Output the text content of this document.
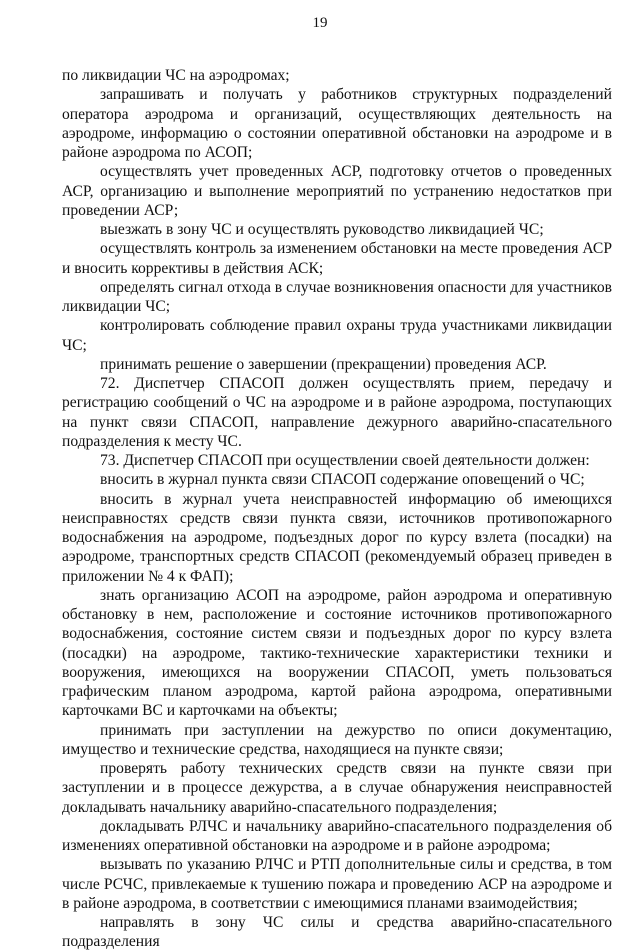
19

по ликвидации ЧС на аэродромах;

запрашивать и получать у работников структурных подразделений оператора аэродрома и организаций, осуществляющих деятельность на аэродроме, информацию о состоянии оперативной обстановки на аэродроме и в районе аэродрома по АСОП;

осуществлять учет проведенных АСР, подготовку отчетов о проведенных АСР, организацию и выполнение мероприятий по устранению недостатков при проведении АСР;

выезжать в зону ЧС и осуществлять руководство ликвидацией ЧС;

осуществлять контроль за изменением обстановки на месте проведения АСР и вносить коррективы в действия АСК;

определять сигнал отхода в случае возникновения опасности для участников ликвидации ЧС;

контролировать соблюдение правил охраны труда участниками ликвидации ЧС;

принимать решение о завершении (прекращении) проведения АСР.

72. Диспетчер СПАСОП должен осуществлять прием, передачу и регистрацию сообщений о ЧС на аэродроме и в районе аэродрома, поступающих на пункт связи СПАСОП, направление дежурного аварийно-спасательного подразделения к месту ЧС.

73. Диспетчер СПАСОП при осуществлении своей деятельности должен:

вносить в журнал пункта связи СПАСОП содержание оповещений о ЧС;

вносить в журнал учета неисправностей информацию об имеющихся неисправностях средств связи пункта связи, источников противопожарного водоснабжения на аэродроме, подъездных дорог по курсу взлета (посадки) на аэродроме, транспортных средств СПАСОП (рекомендуемый образец приведен в приложении № 4 к ФАП);

знать организацию АСОП на аэродроме, район аэродрома и оперативную обстановку в нем, расположение и состояние источников противопожарного водоснабжения, состояние систем связи и подъездных дорог по курсу взлета (посадки) на аэродроме, тактико-технические характеристики техники и вооружения, имеющихся на вооружении СПАСОП, уметь пользоваться графическим планом аэродрома, картой района аэродрома, оперативными карточками ВС и карточками на объекты;

принимать при заступлении на дежурство по описи документацию, имущество и технические средства, находящиеся на пункте связи;

проверять работу технических средств связи на пункте связи при заступлении и в процессе дежурства, а в случае обнаружения неисправностей докладывать начальнику аварийно-спасательного подразделения;

докладывать РЛЧС и начальнику аварийно-спасательного подразделения об изменениях оперативной обстановки на аэродроме и в районе аэродрома;

вызывать по указанию РЛЧС и РТП дополнительные силы и средства, в том числе РСЧС, привлекаемые к тушению пожара и проведению АСР на аэродроме и в районе аэродрома, в соответствии с имеющимися планами взаимодействия;

направлять в зону ЧС силы и средства аварийно-спасательного подразделения
